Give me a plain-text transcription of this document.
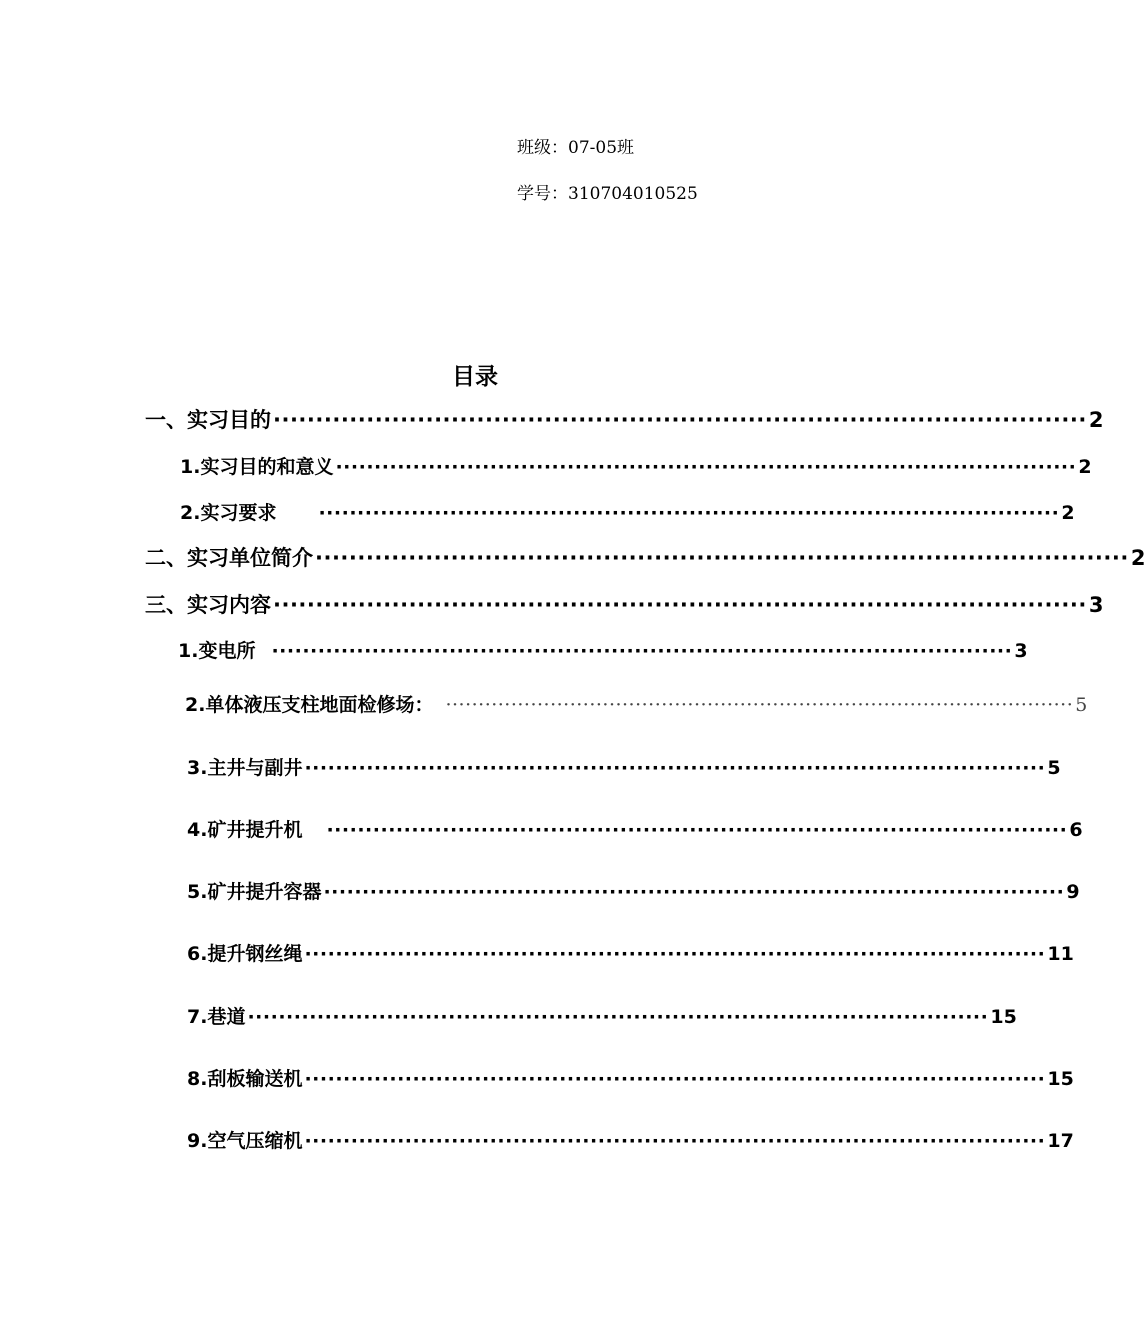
班级：07-05班
学号：310704010525
目录
一、实习目的 ································································································ 2
1.实习目的和意义 ································································································ 2
2.实习要求 ································································································ 2
二、实习单位简介 ································································································ 2
三、实习内容 ································································································ 3
1.变电所 ································································································ 3
2.单体液压支柱地面检修场： ································································································ 5
3.主井与副井 ································································································ 5
4.矿井提升机 ································································································ 6
5.矿井提升容器 ································································································ 9
6.提升钢丝绳 ································································································ 11
7.巷道 ································································································ 15
8.刮板输送机 ································································································ 15
9.空气压缩机 ································································································ 17
